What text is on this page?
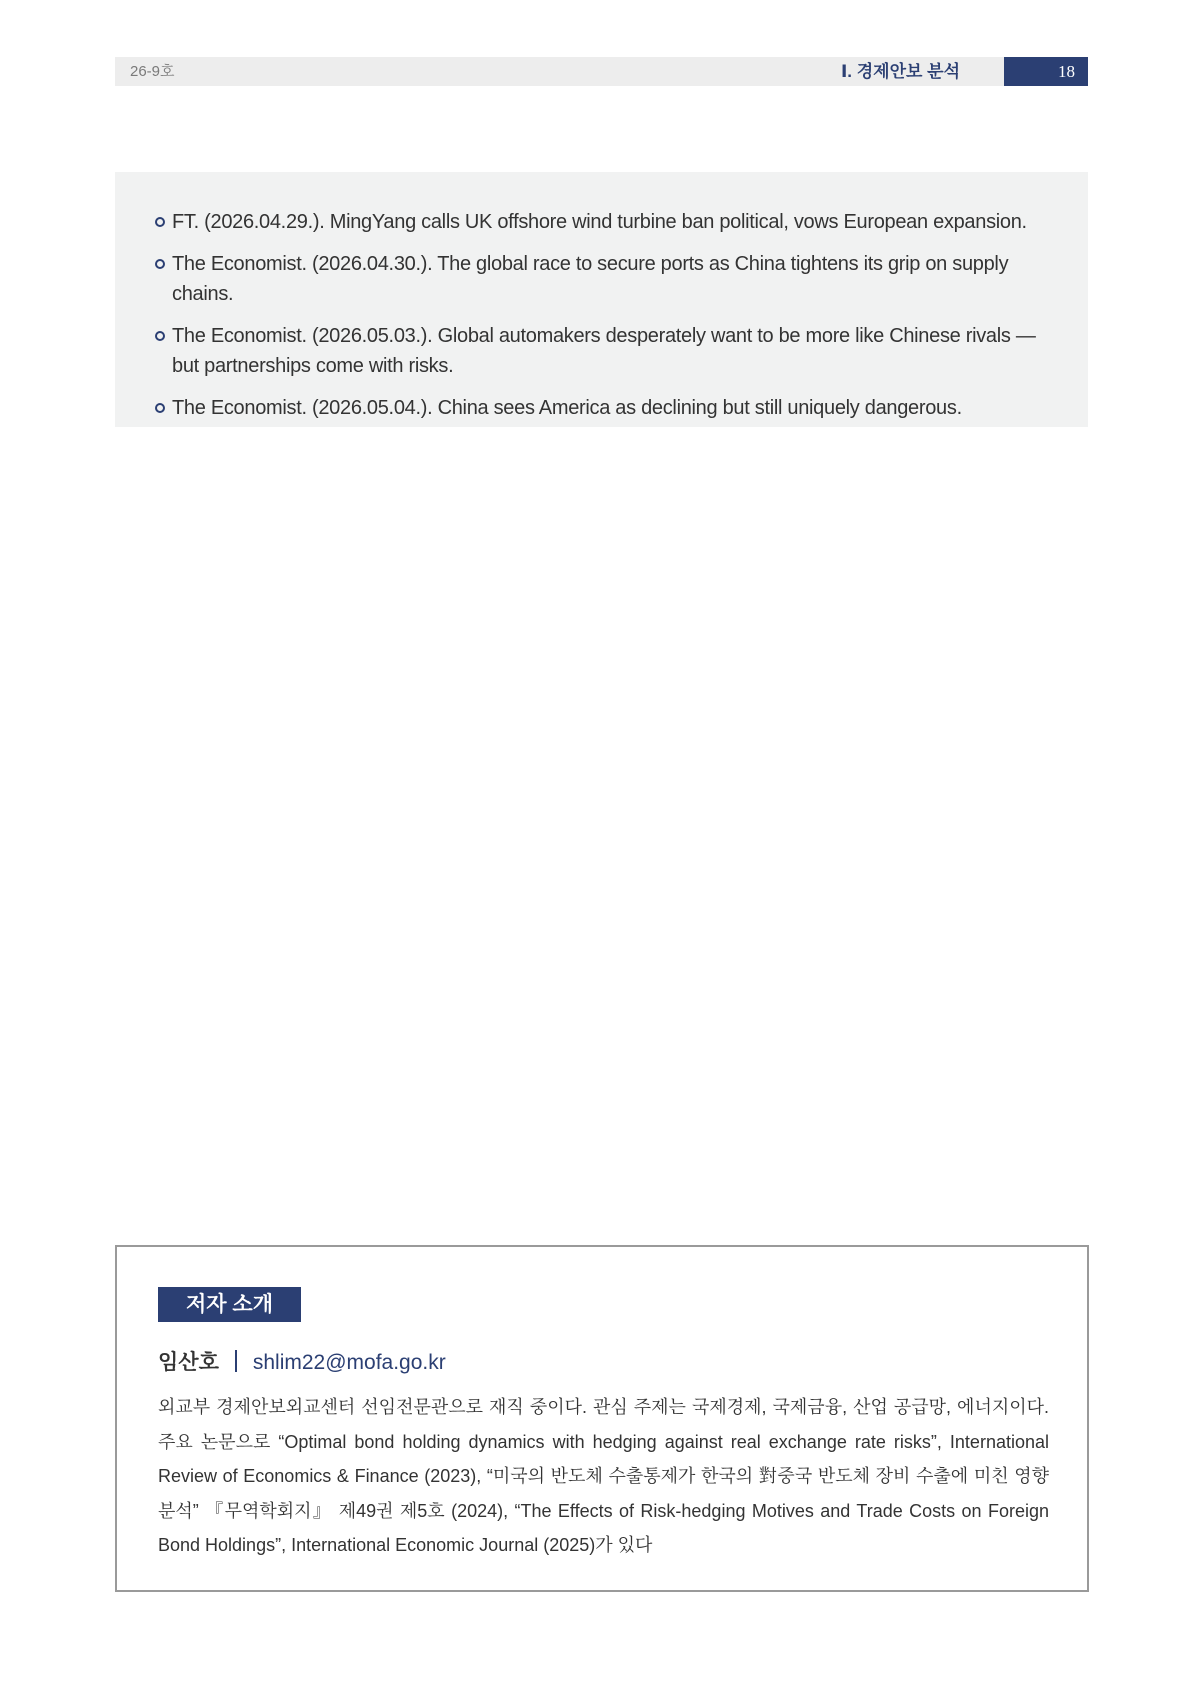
26-9호	Ⅰ. 경제안보 분석	18
FT. (2026.04.29.). MingYang calls UK offshore wind turbine ban political, vows European expansion.
The Economist. (2026.04.30.). The global race to secure ports as China tightens its grip on supply chains.
The Economist. (2026.05.03.). Global automakers desperately want to be more like Chinese rivals — but partnerships come with risks.
The Economist. (2026.05.04.). China sees America as declining but still uniquely dangerous.
저자 소개
임산호 shlim22@mofa.go.kr
외교부 경제안보외교센터 선임전문관으로 재직 중이다. 관심 주제는 국제경제, 국제금융, 산업 공급망, 에너지이다. 주요 논문으로 “Optimal bond holding dynamics with hedging against real exchange rate risks”, International Review of Economics & Finance (2023), “미국의 반도체 수출통제가 한국의 對중국 반도체 장비 수출에 미친 영향 분석” 『무역학회지』 제49권 제5호 (2024), “The Effects of Risk-hedging Motives and Trade Costs on Foreign Bond Holdings”, International Economic Journal (2025)가 있다
